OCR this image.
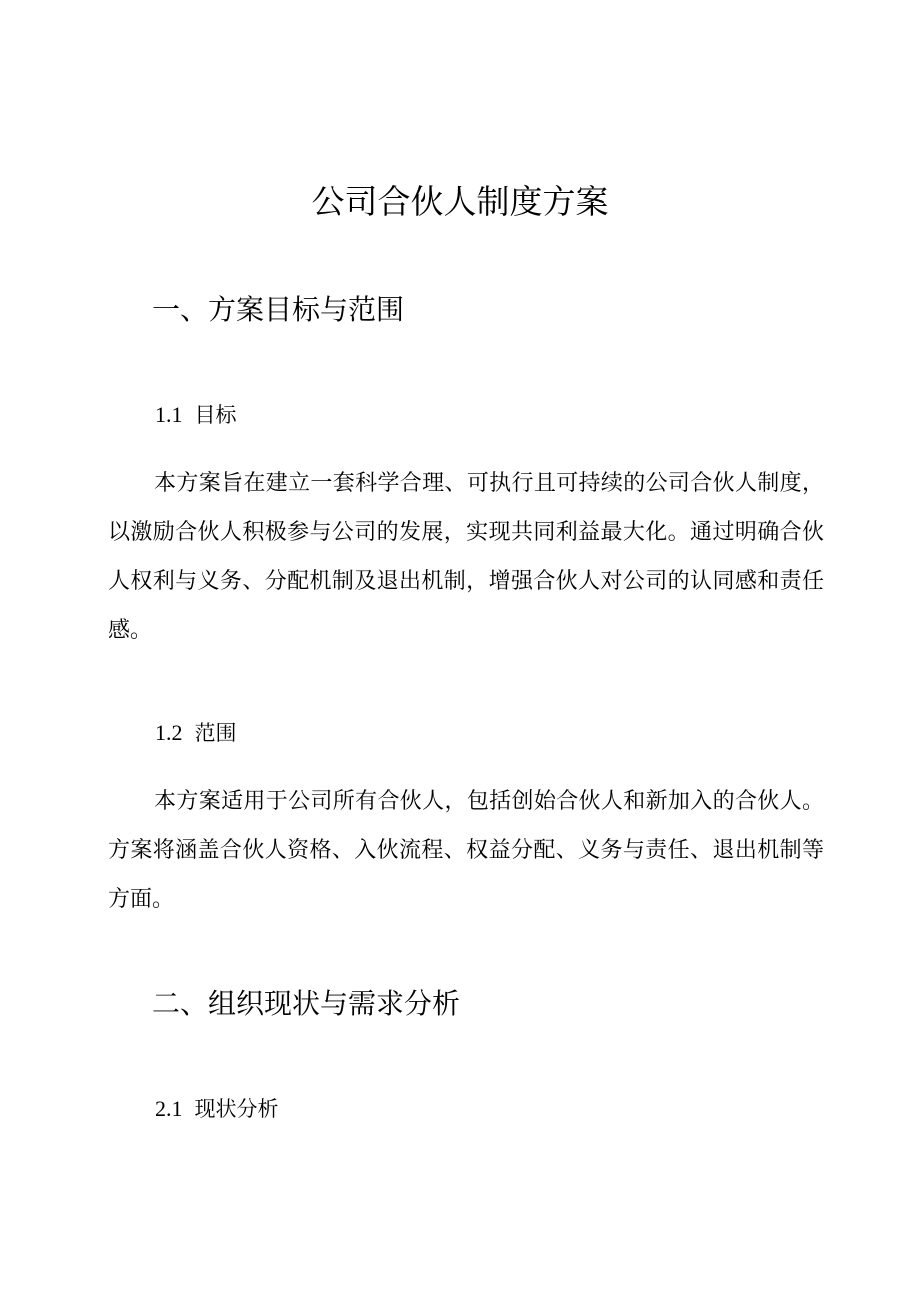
公司合伙人制度方案
一、方案目标与范围
1.1 目标
本方案旨在建立一套科学合理、可执行且可持续的公司合伙人制度，以激励合伙人积极参与公司的发展，实现共同利益最大化。通过明确合伙人权利与义务、分配机制及退出机制，增强合伙人对公司的认同感和责任感。
1.2 范围
本方案适用于公司所有合伙人，包括创始合伙人和新加入的合伙人。方案将涵盖合伙人资格、入伙流程、权益分配、义务与责任、退出机制等方面。
二、组织现状与需求分析
2.1 现状分析
